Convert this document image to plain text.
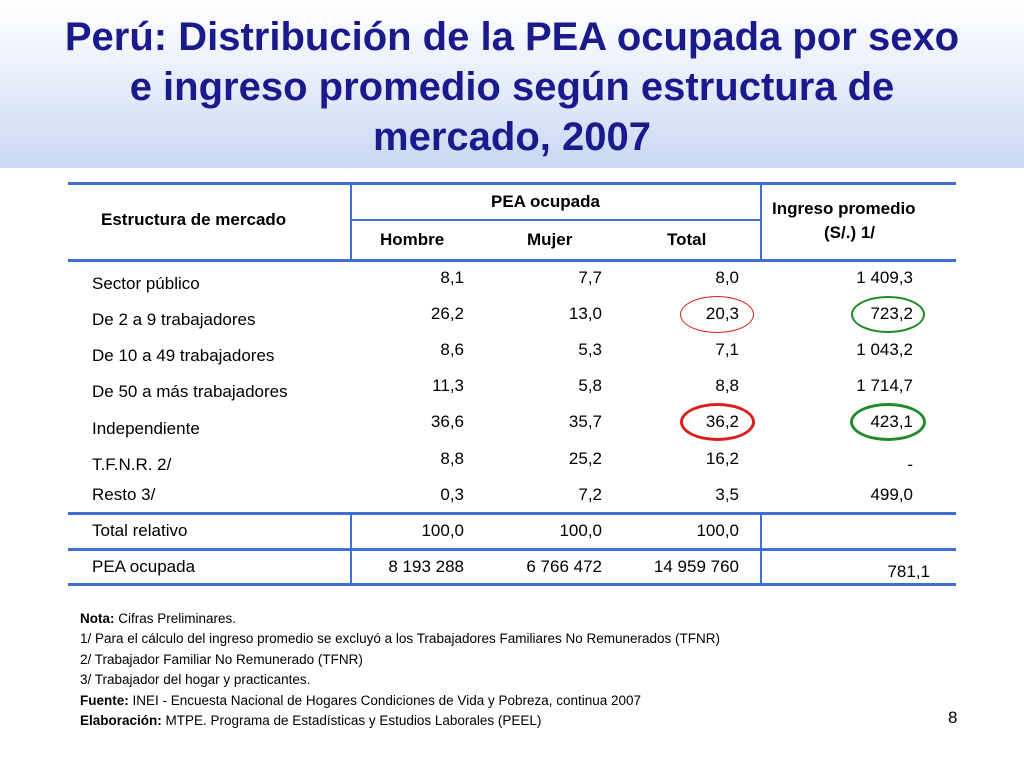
Perú: Distribución de la PEA ocupada por sexo
e ingreso promedio según estructura de
mercado, 2007
Estructura de mercado
PEA ocupada
Hombre	Mujer	Total
Ingreso promedio
(S/.) 1/
Sector público	8,1	7,7	8,0	1 409,3
De 2 a 9 trabajadores	26,2	13,0	20,3	723,2
De 10 a 49 trabajadores	8,6	5,3	7,1	1 043,2
De 50 a más trabajadores	11,3	5,8	8,8	1 714,7
Independiente	36,6	35,7	36,2	423,1
T.F.N.R. 2/	8,8	25,2	16,2	-
Resto 3/	0,3	7,2	3,5	499,0
Total relativo	100,0	100,0	100,0
PEA ocupada	8 193 288	6 766 472	14 959 760	781,1
Nota: Cifras Preliminares.
1/ Para el cálculo del ingreso promedio se excluyó a los Trabajadores Familiares No Remunerados (TFNR)
2/ Trabajador Familiar No Remunerado (TFNR)
3/ Trabajador del hogar y practicantes.
Fuente: INEI - Encuesta Nacional de Hogares Condiciones de Vida y Pobreza, continua 2007
Elaboración: MTPE. Programa de Estadísticas y Estudios Laborales (PEEL)	8
